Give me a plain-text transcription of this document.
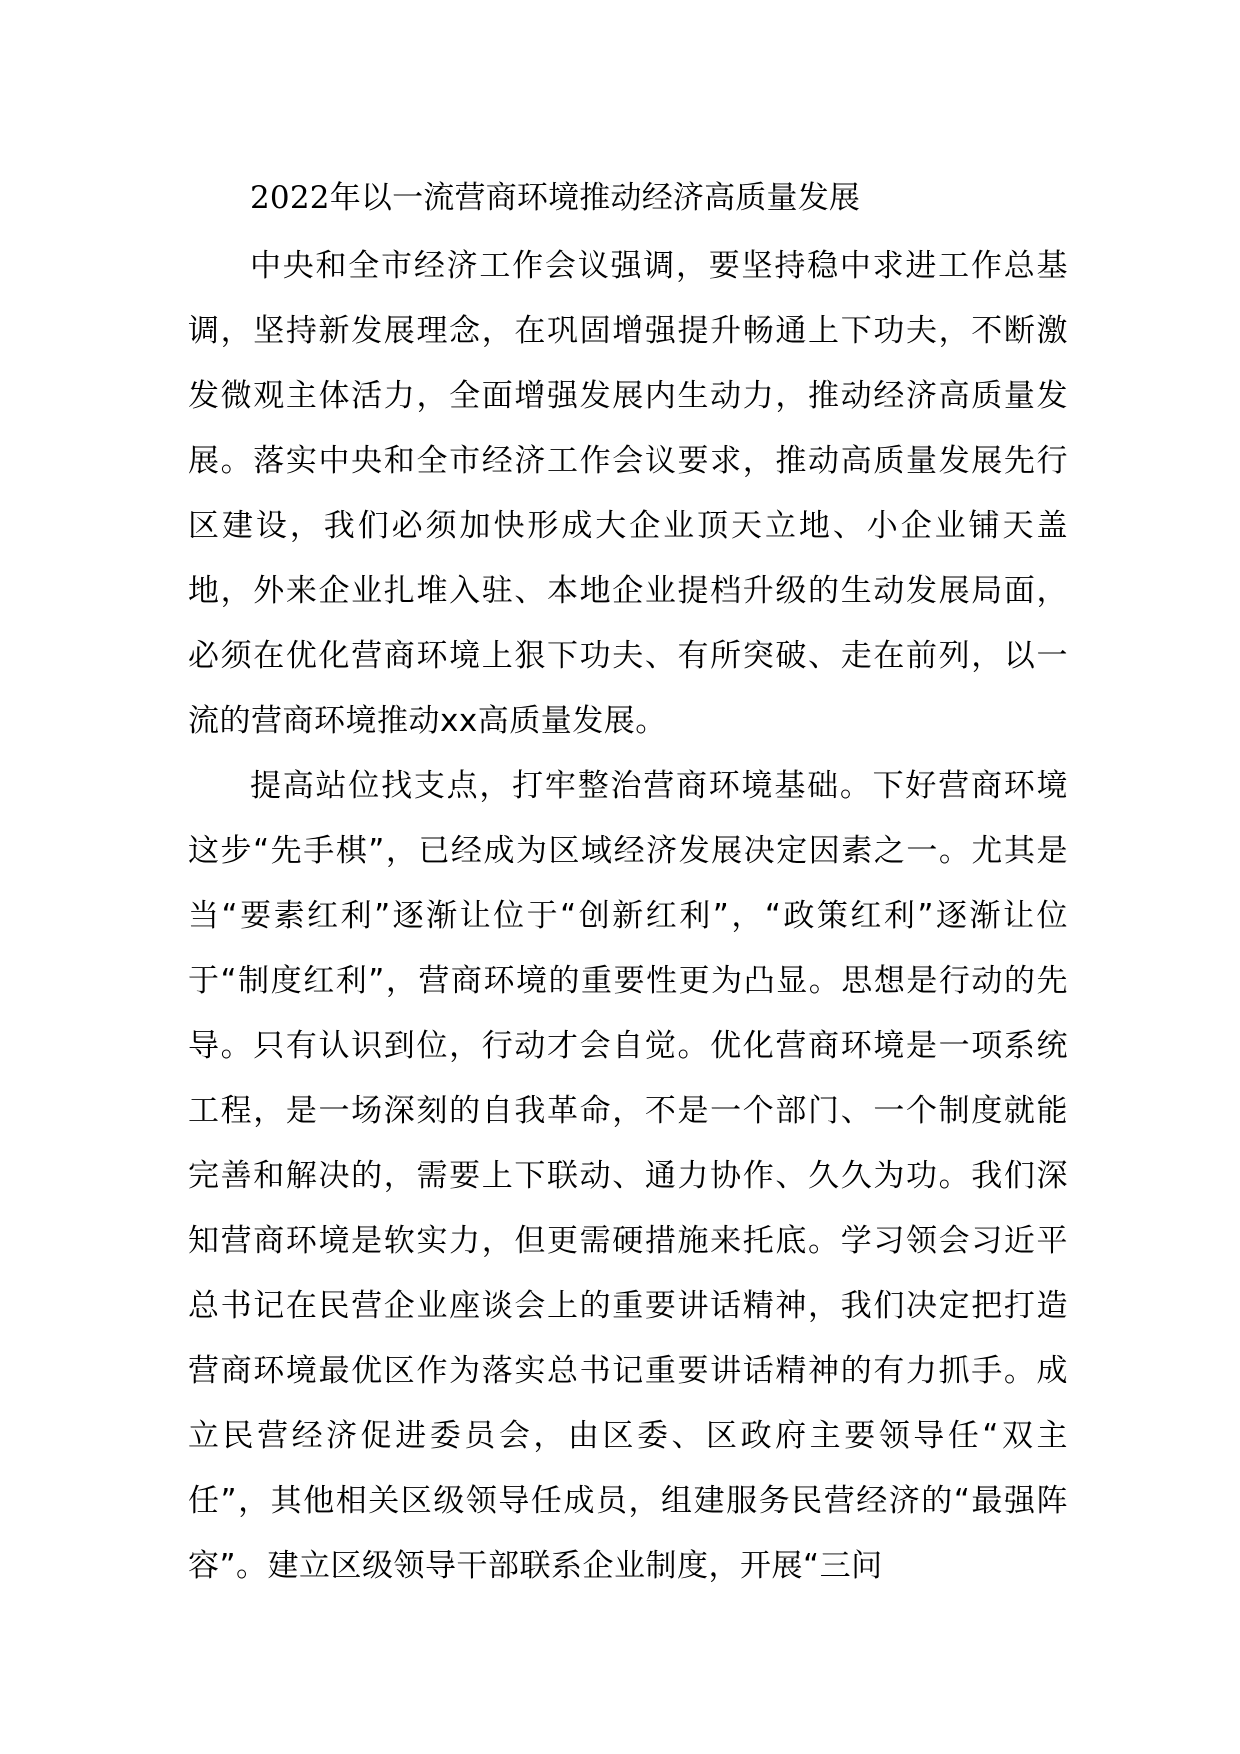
2022年以一流营商环境推动经济高质量发展

中央和全市经济工作会议强调，要坚持稳中求进工作总基调，坚持新发展理念，在巩固增强提升畅通上下功夫，不断激发微观主体活力，全面增强发展内生动力，推动经济高质量发展。落实中央和全市经济工作会议要求，推动高质量发展先行区建设，我们必须加快形成大企业顶天立地、小企业铺天盖地，外来企业扎堆入驻、本地企业提档升级的生动发展局面，必须在优化营商环境上狠下功夫、有所突破、走在前列，以一流的营商环境推动xx高质量发展。

提高站位找支点，打牢整治营商环境基础。下好营商环境这步“先手棋”，已经成为区域经济发展决定因素之一。尤其是当“要素红利”逐渐让位于“创新红利”，“政策红利”逐渐让位于“制度红利”，营商环境的重要性更为凸显。思想是行动的先导。只有认识到位，行动才会自觉。优化营商环境是一项系统工程，是一场深刻的自我革命，不是一个部门、一个制度就能完善和解决的，需要上下联动、通力协作、久久为功。我们深知营商环境是软实力，但更需硬措施来托底。学习领会习近平总书记在民营企业座谈会上的重要讲话精神，我们决定把打造营商环境最优区作为落实总书记重要讲话精神的有力抓手。成立民营经济促进委员会，由区委、区政府主要领导任“双主任”，其他相关区级领导任成员，组建服务民营经济的“最强阵容”。建立区级领导干部联系企业制度，开展“三问
